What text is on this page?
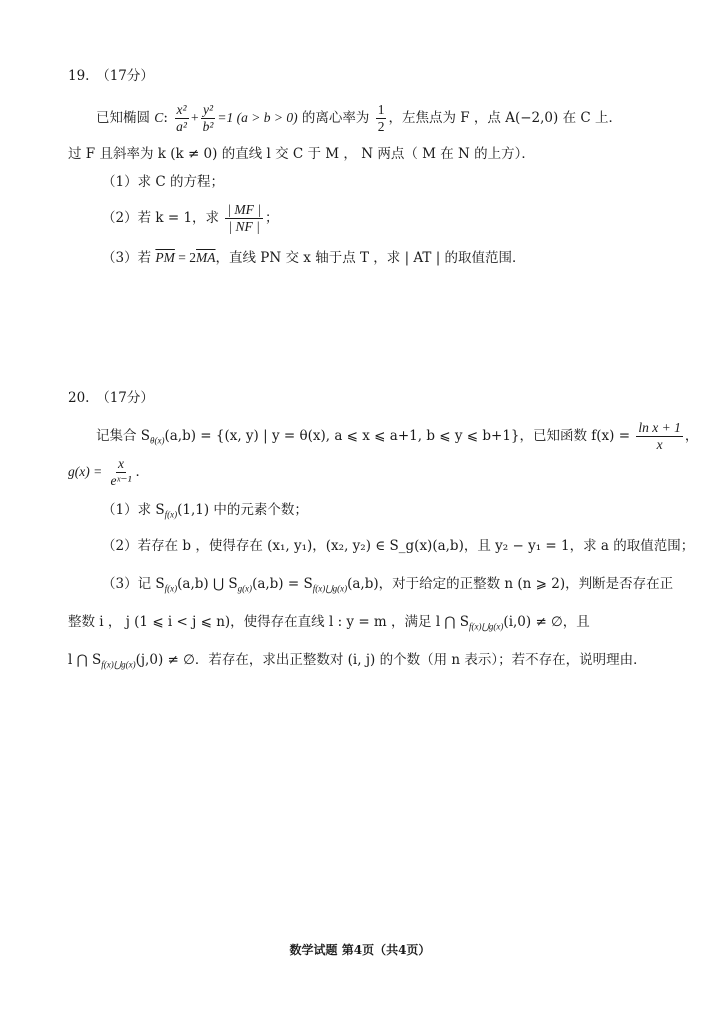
19.　（17分）
已知椭圆 C: $\frac{\text{x²}}{\text{a²}} + \frac{\text{y²}}{\text{b²}} =1$ (a > b > 0) 的离心率为 $\frac{1}{2}$ ，左焦点为 F ，点 A(−2,0) 在 C 上．
过 F 且斜率为 k (k ≠ 0) 的直线 l 交 C 于 M ， N 两点（ M 在 N 的上方）．
（1）求 C 的方程；
（2）若 k = 1，求 $\frac{| MF |}{| NF |}$ ；
（3）若 $\overline{PM} = 2\overline{MA}$，直线 PN 交 x 轴于点 T ，求 | AT | 的取值范围．
20.　（17分）
记集合 $S_{\theta(x)}(a,b) = \{(x$, y) | y = θ(x), a ⩽ x ⩽ a+1, b ⩽ y ⩽ b+1}，已知函数 $f(x) = \frac{\text{ln x + 1}}{x}$ ，
$g(x) = \frac{x}{\text{eˣ⁻¹}}$ ．
（1）求 $S_{f(x)}(1,1)$ 中的元素个数；
（2）若存在 b ，使得存在 (x₁, y₁)，(x₂, y₂) ∈ S_g(x)(a,b)，且 y₂ − y₁ = 1，求 a 的取值范围；
（3）记 $S_{f(x)}(a,b)$ ⋃ $S_{g(x)}(a,b) = S_{f(x)⋃g(x)}(a,b)$，对于给定的正整数 n (n ⩾ 2)，判断是否存在正
整数 i ， j (1 ⩽ i < j ⩽ n)，使得存在直线 l : y = m ，满足 l ⋂ $S_{f(x)⋃g(x)}(i,0)$ ≠ ∅，且
l ⋂ $S_{f(x)⋃g(x)}(j,0)$ ≠ ∅．若存在，求出正整数对 (i, j) 的个数（用 n 表示）；若不存在，说明理由．
数学试题 第4页（共4页）
